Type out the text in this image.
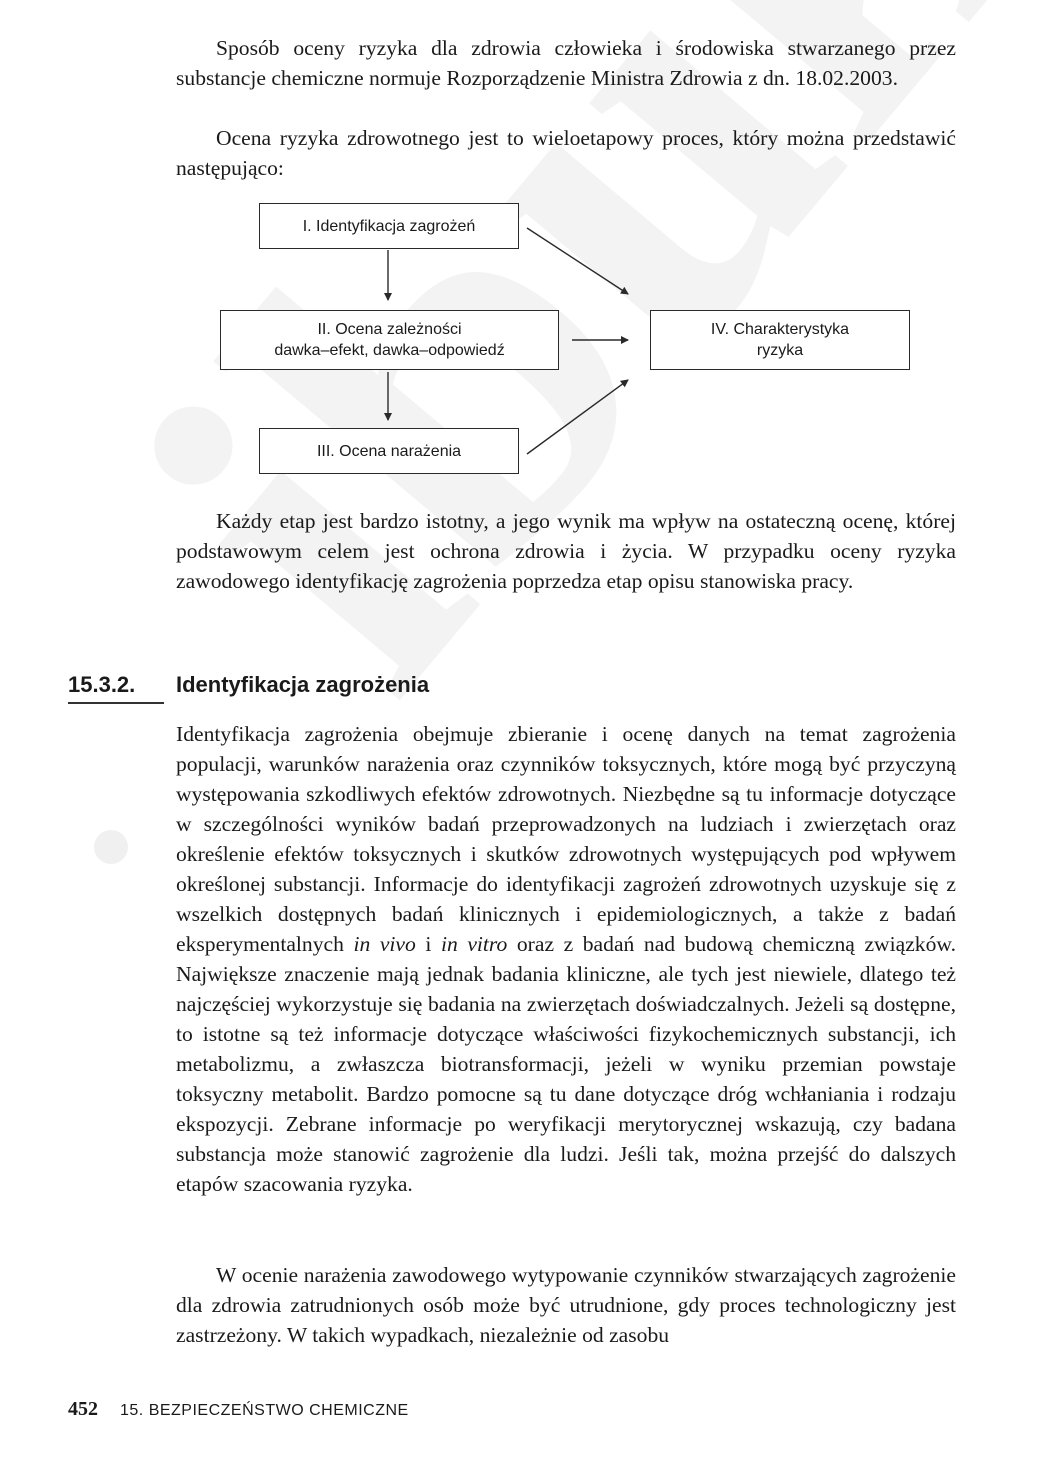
Sposób oceny ryzyka dla zdrowia człowieka i środowiska stwarzanego przez substancje chemiczne normuje Rozporządzenie Ministra Zdrowia z dn. 18.02.2003.

Ocena ryzyka zdrowotnego jest to wieloetapowy proces, który można przedstawić następująco:

I. Identyfikacja zagrożeń
II. Ocena zależności
dawka–efekt, dawka–odpowiedź
III. Ocena narażenia
IV. Charakterystyka
ryzyka

Każdy etap jest bardzo istotny, a jego wynik ma wpływ na ostateczną ocenę, której podstawowym celem jest ochrona zdrowia i życia. W przypadku oceny ryzyka zawodowego identyfikację zagrożenia poprzedza etap opisu stanowiska pracy.

15.3.2. Identyfikacja zagrożenia

Identyfikacja zagrożenia obejmuje zbieranie i ocenę danych na temat zagrożenia populacji, warunków narażenia oraz czynników toksycznych, które mogą być przyczyną występowania szkodliwych efektów zdrowotnych. Niezbędne są tu informacje dotyczące w szczególności wyników badań przeprowadzonych na ludziach i zwierzętach oraz określenie efektów toksycznych i skutków zdrowotnych występujących pod wpływem określonej substancji. Informacje do identyfikacji zagrożeń zdrowotnych uzyskuje się z wszelkich dostępnych badań klinicznych i epidemiologicznych, a także z badań eksperymentalnych in vivo i in vitro oraz z badań nad budową chemiczną związków. Największe znaczenie mają jednak badania kliniczne, ale tych jest niewiele, dlatego też najczęściej wykorzystuje się badania na zwierzętach doświadczalnych. Jeżeli są dostępne, to istotne są też informacje dotyczące właściwości fizykochemicznych substancji, ich metabolizmu, a zwłaszcza biotransformacji, jeżeli w wyniku przemian powstaje toksyczny metabolit. Bardzo pomocne są tu dane dotyczące dróg wchłaniania i rodzaju ekspozycji. Zebrane informacje po weryfikacji merytorycznej wskazują, czy badana substancja może stanowić zagrożenie dla ludzi. Jeśli tak, można przejść do dalszych etapów szacowania ryzyka.

W ocenie narażenia zawodowego wytypowanie czynników stwarzających zagrożenie dla zdrowia zatrudnionych osób może być utrudnione, gdy proces technologiczny jest zastrzeżony. W takich wypadkach, niezależnie od zasobu

452 15. BEZPIECZEŃSTWO CHEMICZNE
